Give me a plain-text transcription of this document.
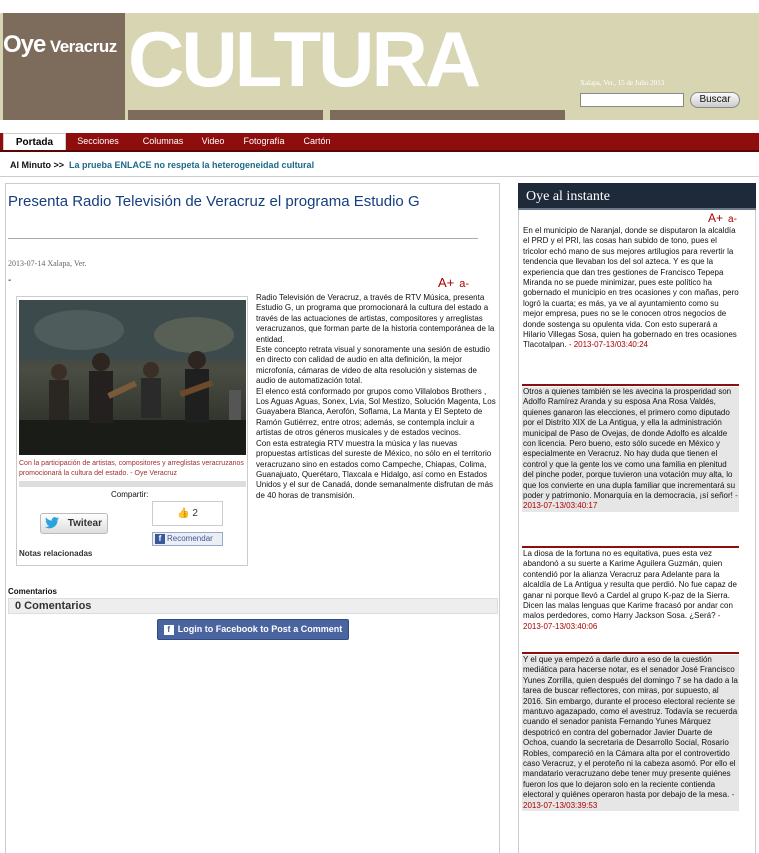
Oye Veracruz CULTURA	Xalapa, Ver., 15 de Julio 2013
Buscar
Portada	Secciones	Columnas	Video	Fotografía	Cartón
Al Minuto >> La prueba ENLACE no respeta la heterogeneidad cultural
Presenta Radio Televisión de Veracruz el programa Estudio G
2013-07-14 Xalapa, Ver.
-	A+ a-
Con la participación de artistas, compositores y arreglistas veracruzanos promocionará la cultura del estado. - Oye Veracruz
Compartir:
Twitear
👍 2
f Recomendar
Notas relacionadas

Radio Televisión de Veracruz, a través de RTV Música, presenta Estudio G, un programa que promocionará la cultura del estado a través de las actuaciones de artistas, compositores y arreglistas veracruzanos, que forman parte de la historia contemporánea de la entidad.

Este concepto retrata visual y sonoramente una sesión de estudio en directo con calidad de audio en alta definición, la mejor microfonía, cámaras de video de alta resolución y sistemas de audio de automatización total.

El elenco está conformado por grupos como Villalobos Brothers , Los Aguas Aguas, Sonex, Lvia, Sol Mestizo, Solución Magenta, Los Guayabera Blanca, Aerofón, Soflama, La Manta y El Septeto de Ramón Gutiérrez, entre otros; además, se contempla incluir a artistas de otros géneros musicales y de estados vecinos.

Con esta estrategia RTV muestra la música y las nuevas propuestas artísticas del sureste de México, no sólo en el territorio veracruzano sino en estados como Campeche, Chiapas, Colima, Guanajuato, Querétaro, Tlaxcala e Hidalgo, así como en Estados Unidos y el sur de Canadá, donde semanalmente disfrutan de más de 40 horas de transmisión.

Comentarios
0 Comentarios
f Login to Facebook to Post a Comment
Oye al instante
A+ a-
En el municipio de Naranjal, donde se disputaron la alcaldía el PRD y el PRI, las cosas han subido de tono, pues el tricolor echó mano de sus mejores artilugios para revertir la tendencia que llevaban los del sol azteca. Y es que la experiencia que dan tres gestiones de Francisco Tepepa Miranda no se puede minimizar, pues este político ha gobernado el municipio en tres ocasiones y con mañas, pero logró la cuarta; es más, ya ve al ayuntamiento como su mejor empresa, pues no se le conocen otros negocios de donde sostenga su opulenta vida. Con esto superará a Hilario Villegas Sosa, quien ha gobernado en tres ocasiones Tlacotalpan. - 2013-07-13/03:40:24
Otros a quienes también se les avecina la prosperidad son Adolfo Ramírez Aranda y su esposa Ana Rosa Valdés, quienes ganaron las elecciones, el primero como diputado por el Distrito XIX de La Antigua, y ella la administración municipal de Paso de Ovejas, de donde Adolfo es alcalde con licencia. Pero bueno, esto sólo sucede en México y especialmente en Veracruz. No hay duda que tienen el control y que la gente los ve como una familia en plenitud del pinche poder, porque tuvieron una votación muy alta, lo que los convierte en una dupla familiar que incrementará su poder y patrimonio. Monarquía en la democracia, ¡sí señor! - 2013-07-13/03:40:17
La diosa de la fortuna no es equitativa, pues esta vez abandonó a su suerte a Karime Aguilera Guzmán, quien contendió por la alianza Veracruz para Adelante para la alcaldía de La Antigua y resulta que perdió. No fue capaz de ganar ni porque llevó a Cardel al grupo K-paz de la Sierra. Dicen las malas lenguas que Karime fracasó por andar con malos perdedores, como Harry Jackson Sosa. ¿Será? - 2013-07-13/03:40:06
Y el que ya empezó a darle duro a eso de la cuestión mediática para hacerse notar, es el senador José Francisco Yunes Zorrilla, quien después del domingo 7 se ha dado a la tarea de buscar reflectores, con miras, por supuesto, al 2016. Sin embargo, durante el proceso electoral reciente se mantuvo agazapado, como el avestruz. Todavía se recuerda cuando el senador panista Fernando Yunes Márquez despotricó en contra del gobernador Javier Duarte de Ochoa, cuando la secretaria de Desarrollo Social, Rosario Robles, compareció en la Cámara alta por el controvertido caso Veracruz, y el peroteño ni la cabeza asomó. Por ello el mandatario veracruzano debe tener muy presente quiénes fueron los que lo dejaron solo en la reciente contienda electoral y quiénes operaron hasta por debajo de la mesa. - 2013-07-13/03:39:53
